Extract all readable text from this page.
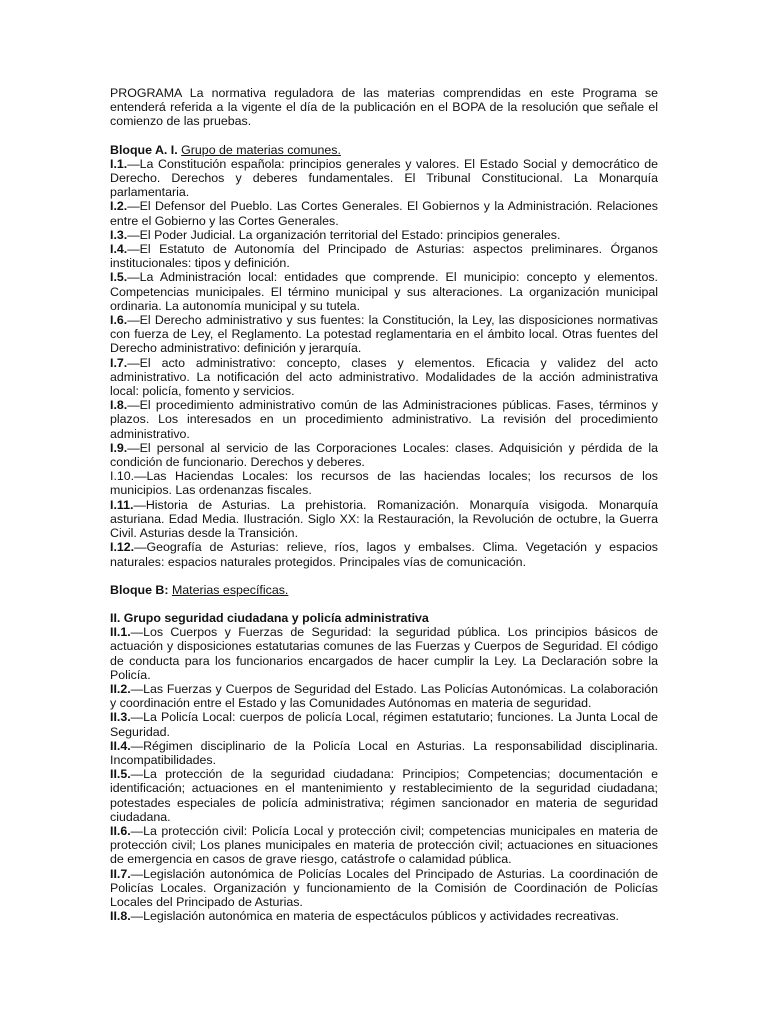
PROGRAMA La normativa reguladora de las materias comprendidas en este Programa se entenderá referida a la vigente el día de la publicación en el BOPA de la resolución que señale el comienzo de las pruebas.

Bloque A. I. Grupo de materias comunes.

I.1.—La Constitución española: principios generales y valores. El Estado Social y democrático de Derecho. Derechos y deberes fundamentales. El Tribunal Constitucional. La Monarquía parlamentaria.

I.2.—El Defensor del Pueblo. Las Cortes Generales. El Gobiernos y la Administración. Relaciones entre el Gobierno y las Cortes Generales.

I.3.—El Poder Judicial. La organización territorial del Estado: principios generales.

I.4.—El Estatuto de Autonomía del Principado de Asturias: aspectos preliminares. Órganos institucionales: tipos y definición.

I.5.—La Administración local: entidades que comprende. El municipio: concepto y elementos. Competencias municipales. El término municipal y sus alteraciones. La organización municipal ordinaria. La autonomía municipal y su tutela.

I.6.—El Derecho administrativo y sus fuentes: la Constitución, la Ley, las disposiciones normativas con fuerza de Ley, el Reglamento. La potestad reglamentaria en el ámbito local. Otras fuentes del Derecho administrativo: definición y jerarquía.

I.7.—El acto administrativo: concepto, clases y elementos. Eficacia y validez del acto administrativo. La notificación del acto administrativo. Modalidades de la acción administrativa local: policía, fomento y servicios.

I.8.—El procedimiento administrativo común de las Administraciones públicas. Fases, términos y plazos. Los interesados en un procedimiento administrativo. La revisión del procedimiento administrativo.

I.9.—El personal al servicio de las Corporaciones Locales: clases. Adquisición y pérdida de la condición de funcionario. Derechos y deberes.

I.10.—Las Haciendas Locales: los recursos de las haciendas locales; los recursos de los municipios. Las ordenanzas fiscales.

I.11.—Historia de Asturias. La prehistoria. Romanización. Monarquía visigoda. Monarquía asturiana. Edad Media. Ilustración. Siglo XX: la Restauración, la Revolución de octubre, la Guerra Civil. Asturias desde la Transición.

I.12.—Geografía de Asturias: relieve, ríos, lagos y embalses. Clima. Vegetación y espacios naturales: espacios naturales protegidos. Principales vías de comunicación.

Bloque B: Materias específicas.

II. Grupo seguridad ciudadana y policía administrativa

II.1.—Los Cuerpos y Fuerzas de Seguridad: la seguridad pública. Los principios básicos de actuación y disposiciones estatutarias comunes de las Fuerzas y Cuerpos de Seguridad. El código de conducta para los funcionarios encargados de hacer cumplir la Ley. La Declaración sobre la Policía.

II.2.—Las Fuerzas y Cuerpos de Seguridad del Estado. Las Policías Autonómicas. La colaboración y coordinación entre el Estado y las Comunidades Autónomas en materia de seguridad.

II.3.—La Policía Local: cuerpos de policía Local, régimen estatutario; funciones. La Junta Local de Seguridad.

II.4.—Régimen disciplinario de la Policía Local en Asturias. La responsabilidad disciplinaria. Incompatibilidades.

II.5.—La protección de la seguridad ciudadana: Principios; Competencias; documentación e identificación; actuaciones en el mantenimiento y restablecimiento de la seguridad ciudadana; potestades especiales de policía administrativa; régimen sancionador en materia de seguridad ciudadana.

II.6.—La protección civil: Policía Local y protección civil; competencias municipales en materia de protección civil; Los planes municipales en materia de protección civil; actuaciones en situaciones de emergencia en casos de grave riesgo, catástrofe o calamidad pública.

II.7.—Legislación autonómica de Policías Locales del Principado de Asturias. La coordinación de Policías Locales. Organización y funcionamiento de la Comisión de Coordinación de Policías Locales del Principado de Asturias.

II.8.—Legislación autonómica en materia de espectáculos públicos y actividades recreativas.
